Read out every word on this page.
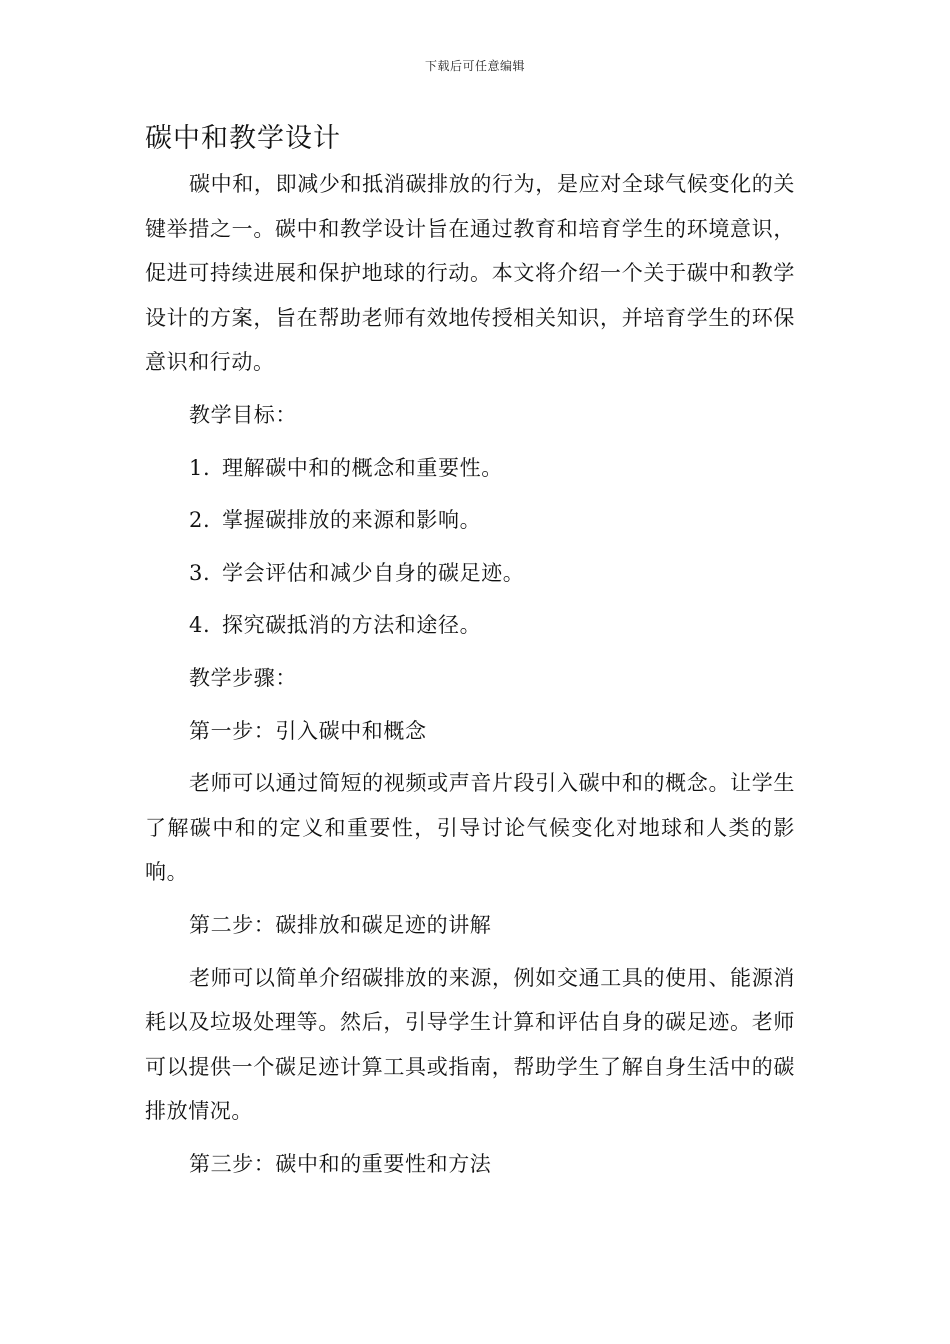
下载后可任意编辑
碳中和教学设计

碳中和，即减少和抵消碳排放的行为，是应对全球气候变化的关键举措之一。碳中和教学设计旨在通过教育和培育学生的环境意识，促进可持续进展和保护地球的行动。本文将介绍一个关于碳中和教学设计的方案，旨在帮助老师有效地传授相关知识，并培育学生的环保意识和行动。

教学目标：

1. 理解碳中和的概念和重要性。

2. 掌握碳排放的来源和影响。

3. 学会评估和减少自身的碳足迹。

4. 探究碳抵消的方法和途径。

教学步骤：

第一步：引入碳中和概念

老师可以通过简短的视频或声音片段引入碳中和的概念。让学生了解碳中和的定义和重要性，引导讨论气候变化对地球和人类的影响。

第二步：碳排放和碳足迹的讲解

老师可以简单介绍碳排放的来源，例如交通工具的使用、能源消耗以及垃圾处理等。然后，引导学生计算和评估自身的碳足迹。老师可以提供一个碳足迹计算工具或指南，帮助学生了解自身生活中的碳排放情况。

第三步：碳中和的重要性和方法
